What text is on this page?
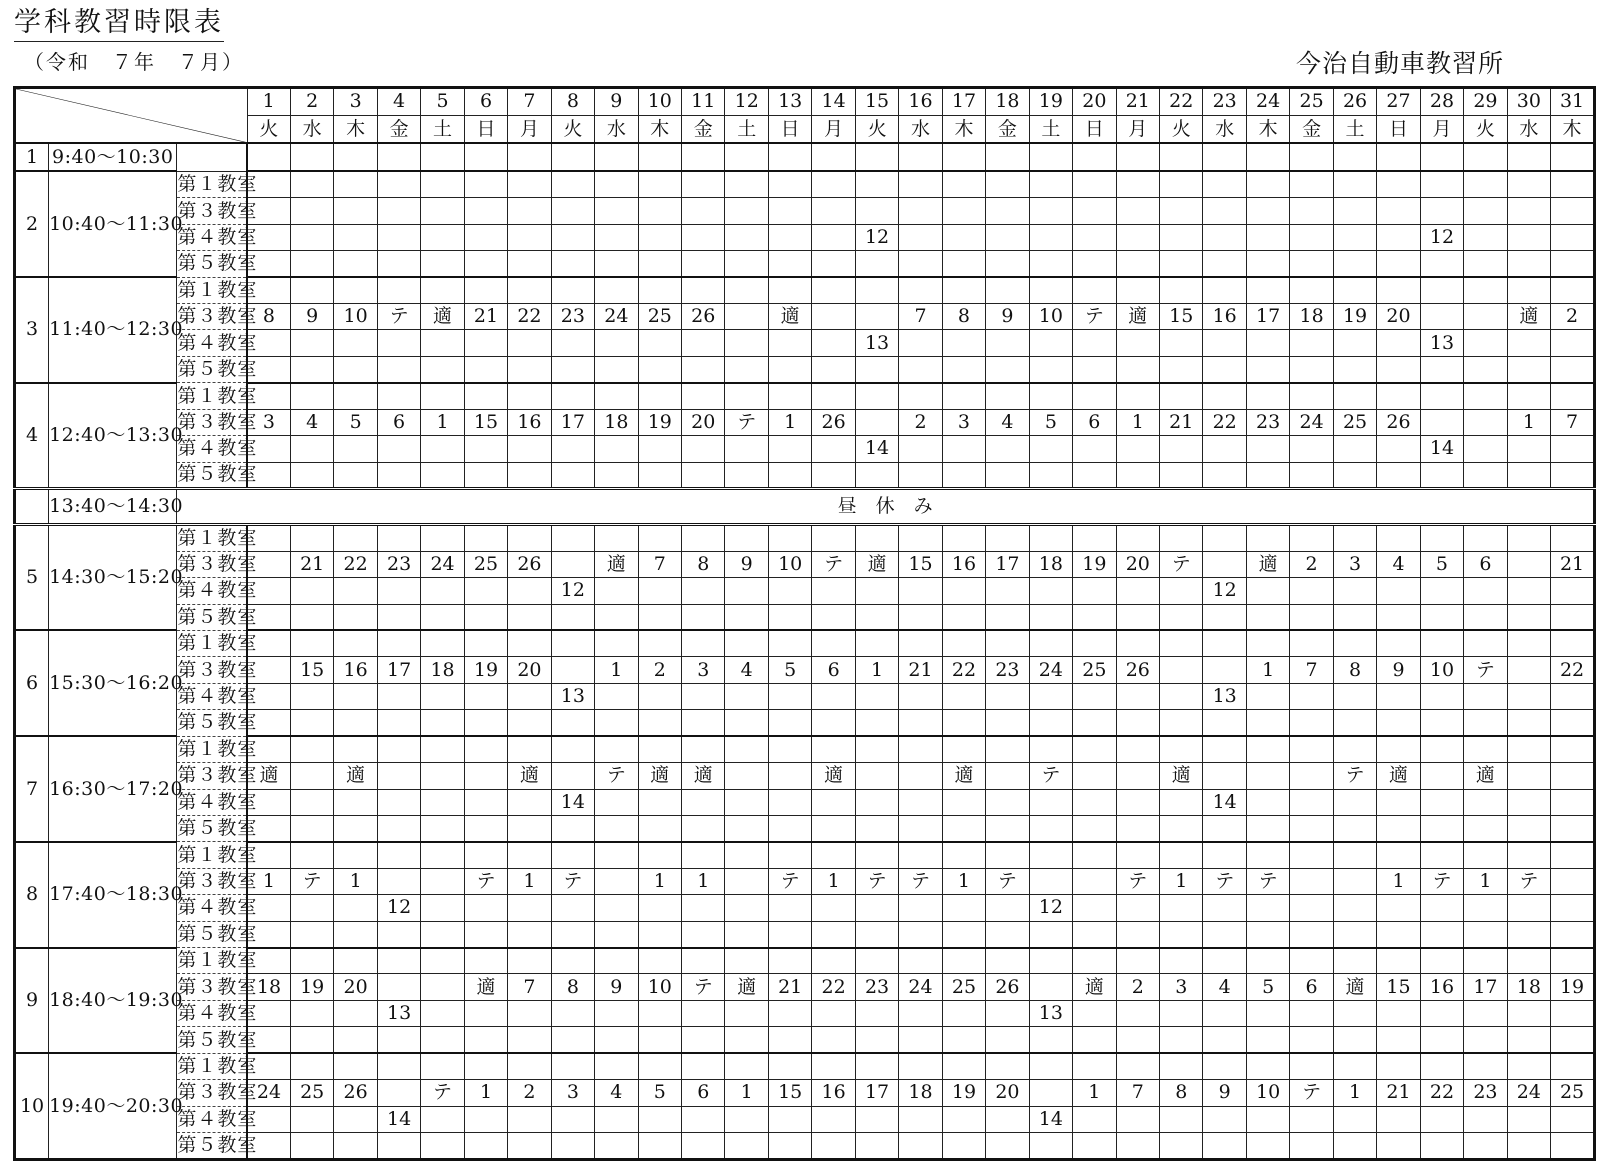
学科教習時限表
（令和　７年　７月）	今治自動車教習所
	1	2	3	4	5	6	7	8	9	10	11	12	13	14	15	16	17	18	19	20	21	22	23	24	25	26	27	28	29	30	31
			火	水	木	金	土	日	月	火	水	木	金	土	日	月	火	水	木	金	土	日	月	火	水	木	金	土	日	月	火	水	木
1	9:40～10:30																																
2	10:40～11:30	第１教室																															
		第３教室																															
		第４教室															12													12			
		第５教室																															
3	11:40～12:30	第１教室																															
		第３教室	8	9	10	テ	適	21	22	23	24	25	26		適			7	8	9	10	テ	適	15	16	17	18	19	20			適	2
		第４教室															13													13			
		第５教室																															
4	12:40～13:30	第１教室																															
		第３教室	3	4	5	6	1	15	16	17	18	19	20	テ	1	26		2	3	4	5	6	1	21	22	23	24	25	26			1	7
		第４教室															14													14			
		第５教室																															
	13:40～14:30	昼　休　み																															
5	14:30～15:20	第１教室																															
		第３教室		21	22	23	24	25	26		適	7	8	9	10	テ	適	15	16	17	18	19	20	テ		適	2	3	4	5	6		21
		第４教室								12															12								
		第５教室																															
6	15:30～16:20	第１教室																															
		第３教室		15	16	17	18	19	20		1	2	3	4	5	6	1	21	22	23	24	25	26			1	7	8	9	10	テ		22
		第４教室								13															13								
		第５教室																															
7	16:30～17:20	第１教室																															
		第３教室	適		適				適		テ	適	適			適			適		テ			適				テ	適		適		
		第４教室								14															14								
		第５教室																															
8	17:40～18:30	第１教室																															
		第３教室	1	テ	1			テ	1	テ		1	1		テ	1	テ	テ	1	テ			テ	1	テ	テ			1	テ	1	テ	
		第４教室				12															12												
		第５教室																															
9	18:40～19:30	第１教室																															
		第３教室	18	19	20			適	7	8	9	10	テ	適	21	22	23	24	25	26		適	2	3	4	5	6	適	15	16	17	18	19
		第４教室				13															13												
		第５教室																															
10	19:40～20:30	第１教室																															
		第３教室	24	25	26		テ	1	2	3	4	5	6	1	15	16	17	18	19	20		1	7	8	9	10	テ	1	21	22	23	24	25
		第４教室				14															14												
		第５教室																															
